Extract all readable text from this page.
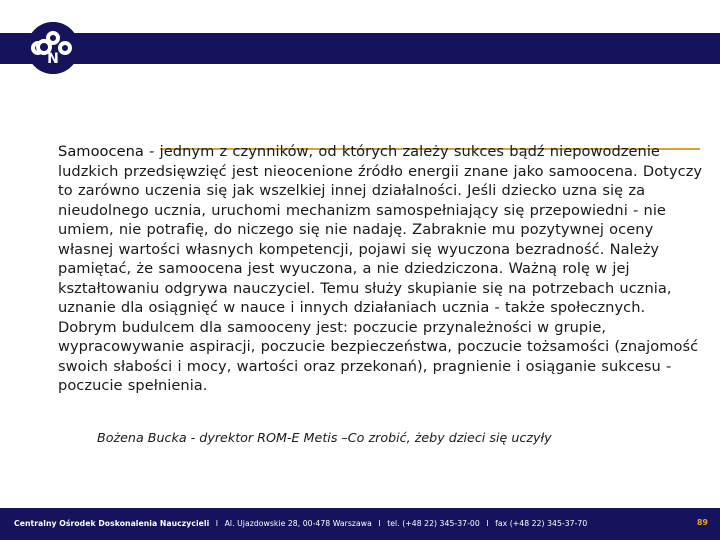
N

Samoocena - jednym z czynników, od których zależy sukces bądź niepowodzenie ludzkich przedsięwzięć jest nieocenione źródło energii znane jako samoocena. Dotyczy to zarówno uczenia się jak wszelkiej innej działalności. Jeśli dziecko uzna się za nieudolnego ucznia, uruchomi mechanizm samospełniający się przepowiedni - nie umiem, nie potrafię, do niczego się nie nadaję. Zabraknie mu pozytywnej oceny własnej wartości własnych kompetencji, pojawi się wyuczona bezradność. Należy pamiętać, że samoocena jest wyuczona, a nie dziedziczona. Ważną rolę w jej kształtowaniu odgrywa nauczyciel. Temu służy skupianie się na potrzebach ucznia, uznanie dla osiągnięć w nauce i innych działaniach ucznia - także społecznych. Dobrym budulcem dla samooceny jest: poczucie przynależności w grupie, wypracowywanie aspiracji, poczucie bezpieczeństwa, poczucie tożsamości (znajomość swoich słabości i mocy, wartości oraz przekonań), pragnienie i osiąganie sukcesu - poczucie spełnienia.

Bożena Bucka - dyrektor ROM-E Metis –Co zrobić, żeby dzieci się uczyły
Centralny Ośrodek Doskonalenia Nauczycieli I Al. Ujazdowskie 28, 00-478 Warszawa I tel. (+48 22) 345-37-00 I fax (+48 22) 345-37-70	89
